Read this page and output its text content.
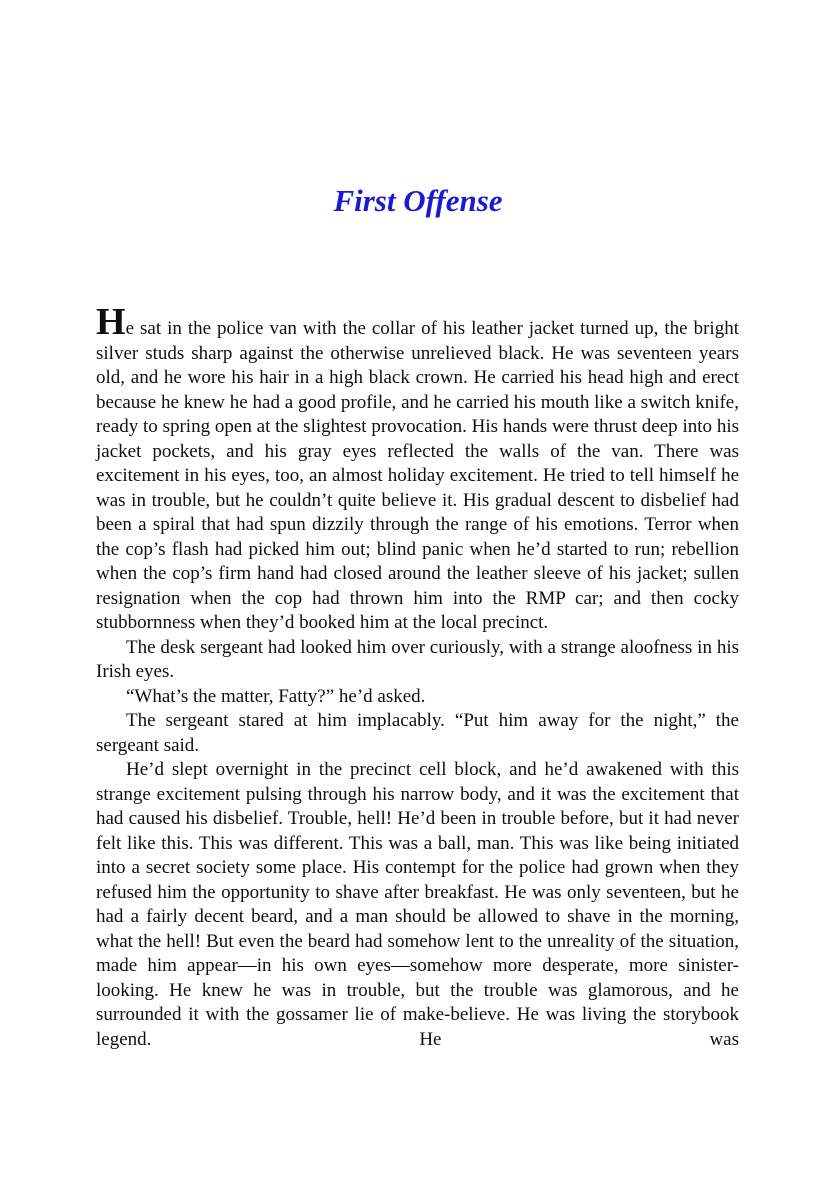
First Offense

He sat in the police van with the collar of his leather jacket turned up, the bright silver studs sharp against the otherwise unrelieved black. He was seventeen years old, and he wore his hair in a high black crown. He carried his head high and erect because he knew he had a good profile, and he carried his mouth like a switch knife, ready to spring open at the slightest provocation. His hands were thrust deep into his jacket pockets, and his gray eyes reflected the walls of the van. There was excitement in his eyes, too, an almost holiday excitement. He tried to tell himself he was in trouble, but he couldn’t quite believe it. His gradual descent to disbelief had been a spiral that had spun dizzily through the range of his emotions. Terror when the cop’s flash had picked him out; blind panic when he’d started to run; rebellion when the cop’s firm hand had closed around the leather sleeve of his jacket; sullen resignation when the cop had thrown him into the RMP car; and then cocky stubbornness when they’d booked him at the local precinct.

The desk sergeant had looked him over curiously, with a strange aloofness in his Irish eyes.

“What’s the matter, Fatty?” he’d asked.

The sergeant stared at him implacably. “Put him away for the night,” the sergeant said.

He’d slept overnight in the precinct cell block, and he’d awakened with this strange excitement pulsing through his narrow body, and it was the excitement that had caused his disbelief. Trouble, hell! He’d been in trouble before, but it had never felt like this. This was different. This was a ball, man. This was like being initiated into a secret society some place. His contempt for the police had grown when they refused him the opportunity to shave after breakfast. He was only seventeen, but he had a fairly decent beard, and a man should be allowed to shave in the morning, what the hell! But even the beard had somehow lent to the unreality of the situation, made him appear—in his own eyes—somehow more desperate, more sinister-looking. He knew he was in trouble, but the trouble was glamorous, and he surrounded it with the gossamer lie of make-believe. He was living the storybook legend. He was
